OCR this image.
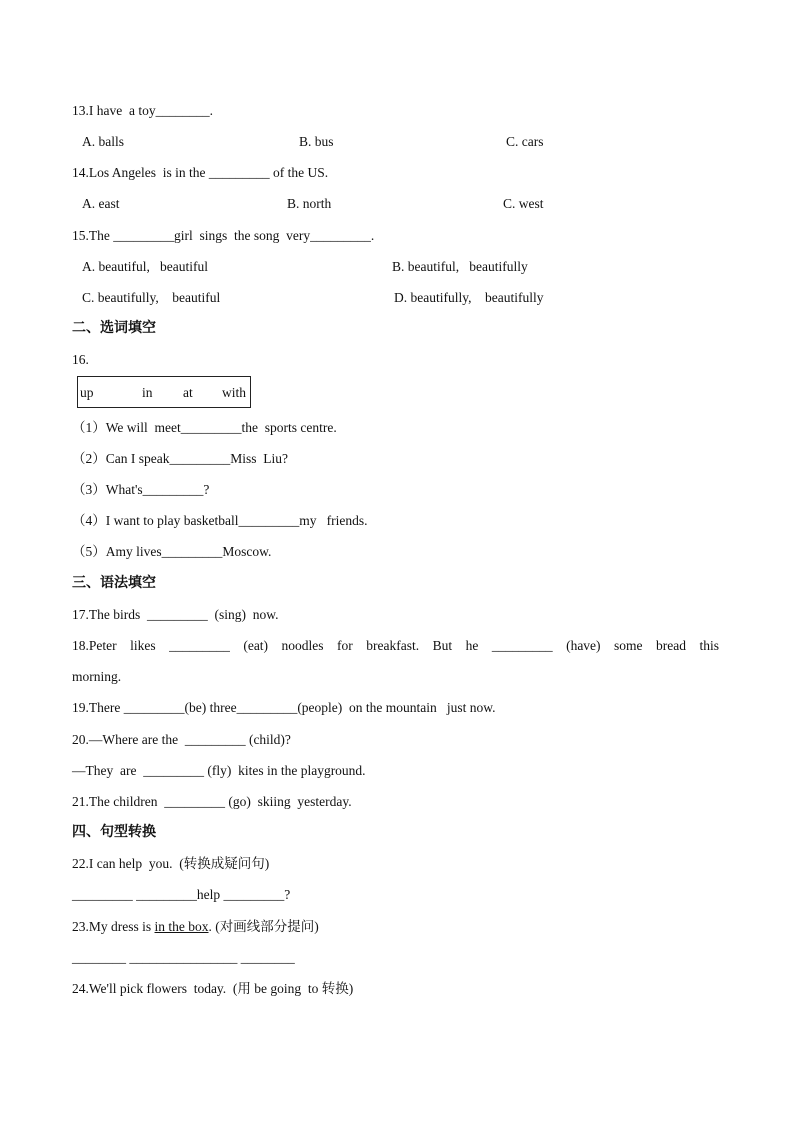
13.I have  a toy________.
A. balls	B. bus	C. cars
14.Los Angeles  is in the _________ of the US.
A. east	B. north	C. west
15.The _________girl  sings  the song  very_________.
A. beautiful,   beautiful	B. beautiful,   beautifully
C. beautifully,    beautiful	D. beautifully,    beautifully
二、选词填空
16.
up	in at with
（1）We will  meet_________the  sports centre.
（2）Can I speak_________Miss  Liu?
（3）What's_________?
（4）I want to play basketball_________my   friends.
（5）Amy lives_________Moscow.
三、语法填空
17.The birds  _________  (sing)  now.
18.Peter likes _________ (eat) noodles for breakfast. But he _________ (have) some bread this
morning.
19.There _________(be) three_________(people)  on the mountain   just now.
20.—Where are the  _________ (child)?
—They  are  _________ (fly)  kites in the playground.
21.The children  _________ (go)  skiing  yesterday.
四、句型转换
22.I can help  you.  (转换成疑问句)
_________ _________help _________?
23.My dress is in the box. (对画线部分提问)
________ ________________ ________
24.We'll pick flowers  today.  (用 be going  to 转换)
